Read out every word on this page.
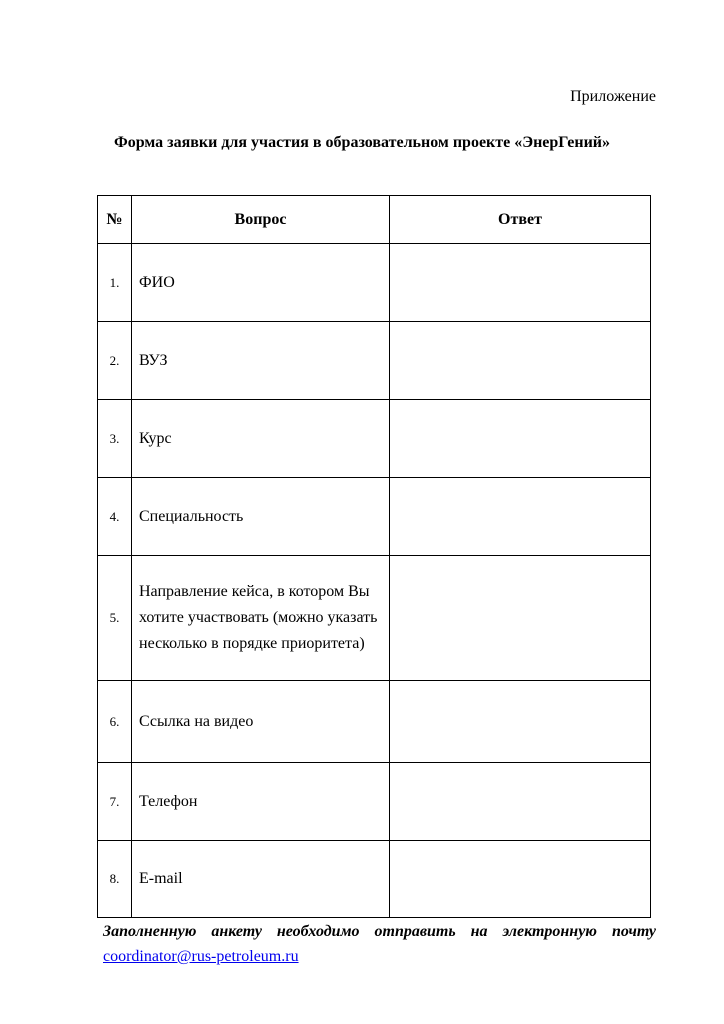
Приложение
Форма заявки для участия в образовательном проекте «ЭнерГений»
№	Вопрос	Ответ
1.	ФИО	
2.	ВУЗ	
3.	Курс	
4.	Специальность	
5.	Направление кейса, в котором Вы хотите участвовать (можно указать несколько в порядке приоритета)	
6.	Ссылка на видео	
7.	Телефон	
8.	E-mail	
Заполненную анкету необходимо отправить на электронную почту
coordinator@rus-petroleum.ru
